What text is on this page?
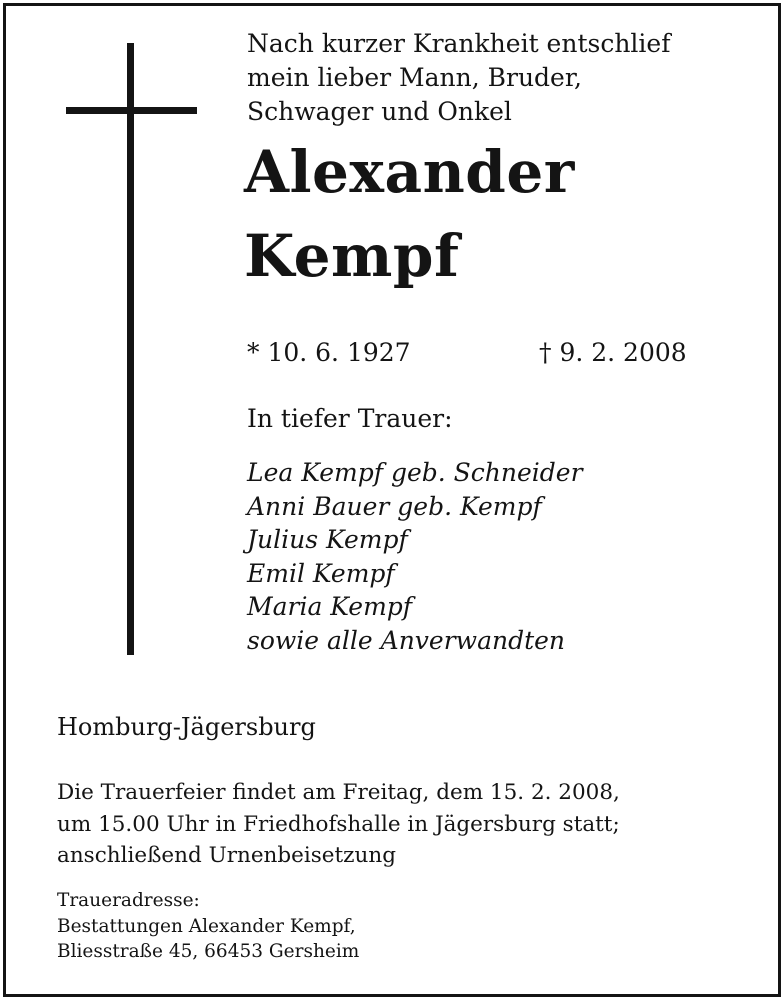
Nach kurzer Krankheit entschlief
mein lieber Mann, Bruder,
Schwager und Onkel
Alexander
Kempf
* 10. 6. 1927	† 9. 2. 2008
In tiefer Trauer:
Lea Kempf geb. Schneider
Anni Bauer geb. Kempf
Julius Kempf
Emil Kempf
Maria Kempf
sowie alle Anverwandten
Homburg-Jägersburg
Die Trauerfeier findet am Freitag, dem 15. 2. 2008,
um 15.00 Uhr in Friedhofshalle in Jägersburg statt;
anschließend Urnenbeisetzung
Traueradresse:
Bestattungen Alexander Kempf,
Bliesstraße 45, 66453 Gersheim
